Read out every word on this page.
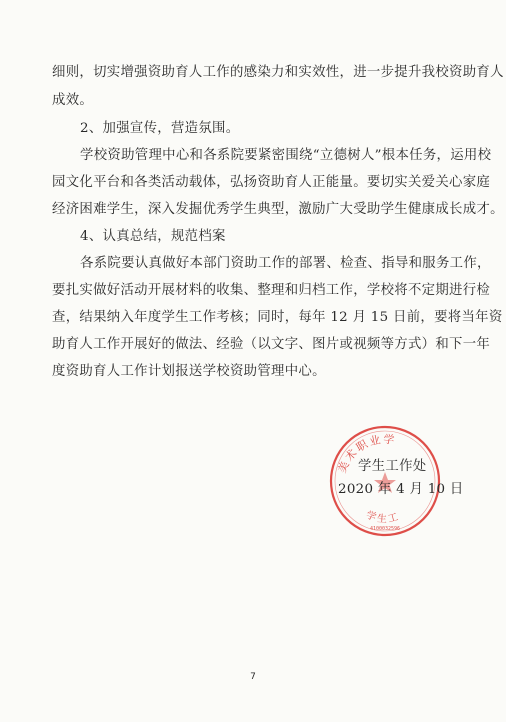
细则，切实增强资助育人工作的感染力和实效性，进一步提升我校资助育人
成效。
2、加强宣传，营造氛围。
学校资助管理中心和各系院要紧密围绕“立德树人”根本任务，运用校
园文化平台和各类活动载体，弘扬资助育人正能量。要切实关爱关心家庭
经济困难学生，深入发掘优秀学生典型，激励广大受助学生健康成长成才。
4、认真总结，规范档案
各系院要认真做好本部门资助工作的部署、检查、指导和服务工作，
要扎实做好活动开展材料的收集、整理和归档工作，学校将不定期进行检
查，结果纳入年度学生工作考核；同时，每年 12 月 15 日前，要将当年资
助育人工作开展好的做法、经验（以文字、图片或视频等方式）和下一年
度资助育人工作计划报送学校资助管理中心。
美术职业学
学生工
4100032596
学生工作处
2020 年 4 月 10 日
7
